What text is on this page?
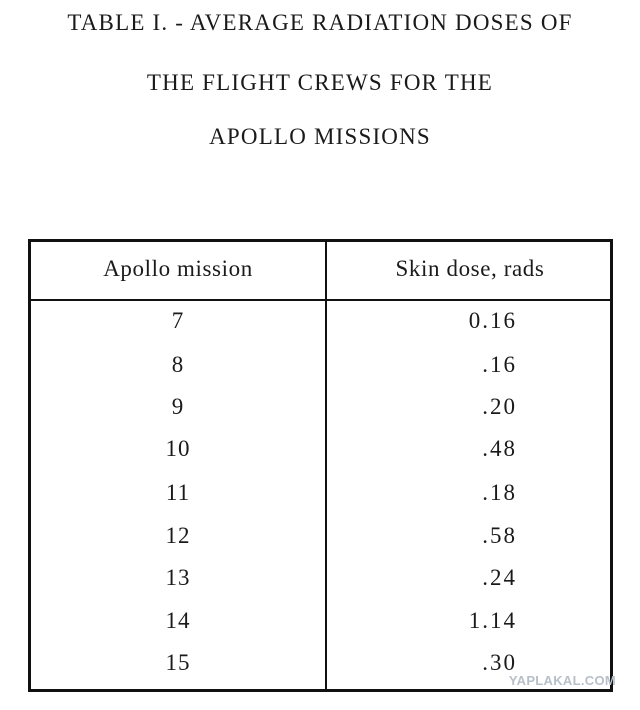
TABLE I. - AVERAGE RADIATION DOSES OF
THE FLIGHT CREWS FOR THE
APOLLO MISSIONS
Apollo mission	Skin dose, rads
7	0.16
8	.16
9	.20
10	.48
11	.18
12	.58
13	.24
14	1.14
15	.30
YAPLAKAL.COM
